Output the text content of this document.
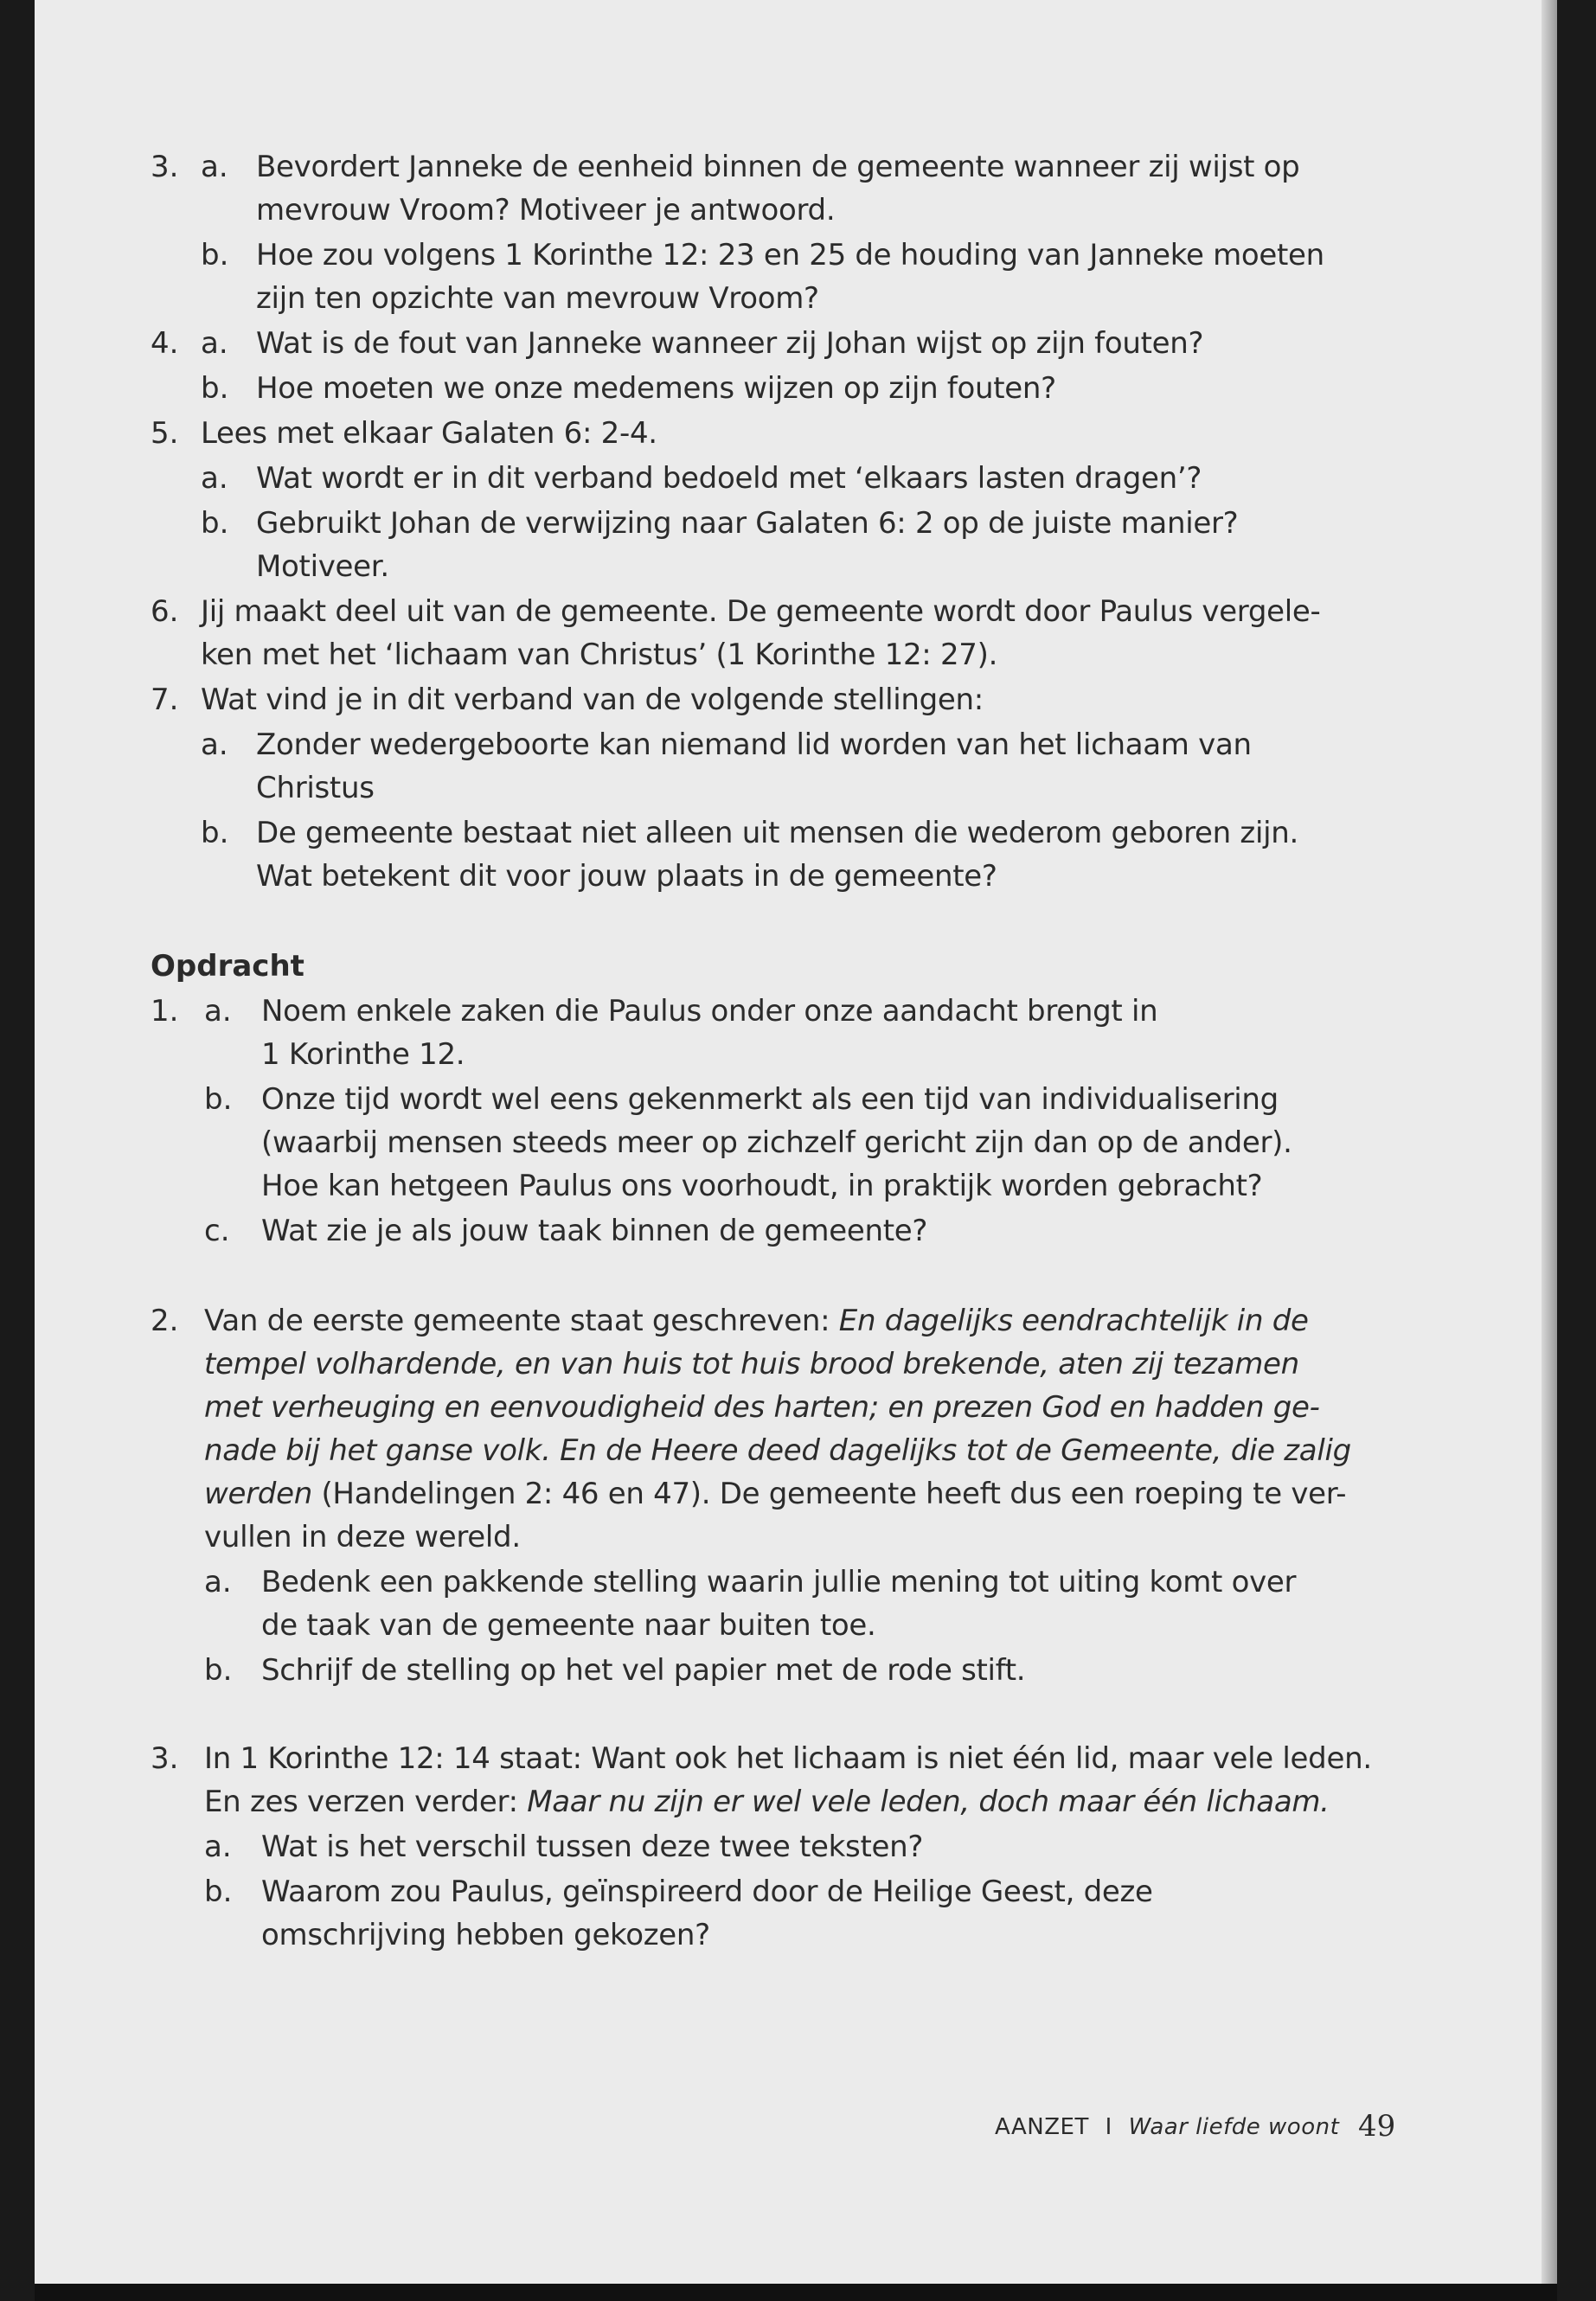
3. a. Bevordert Janneke de eenheid binnen de gemeente wanneer zij wijst op
mevrouw Vroom? Motiveer je antwoord.
b. Hoe zou volgens 1 Korinthe 12: 23 en 25 de houding van Janneke moeten
zijn ten opzichte van mevrouw Vroom?
4. a. Wat is de fout van Janneke wanneer zij Johan wijst op zijn fouten?
b. Hoe moeten we onze medemens wijzen op zijn fouten?
5. Lees met elkaar Galaten 6: 2-4.
a. Wat wordt er in dit verband bedoeld met ‘elkaars lasten dragen’?
b. Gebruikt Johan de verwijzing naar Galaten 6: 2 op de juiste manier?
Motiveer.
6. Jij maakt deel uit van de gemeente. De gemeente wordt door Paulus vergele-
ken met het ‘lichaam van Christus’ (1 Korinthe 12: 27).
7. Wat vind je in dit verband van de volgende stellingen:
a. Zonder wedergeboorte kan niemand lid worden van het lichaam van
Christus
b. De gemeente bestaat niet alleen uit mensen die wederom geboren zijn.
Wat betekent dit voor jouw plaats in de gemeente?
Opdracht
1. a. Noem enkele zaken die Paulus onder onze aandacht brengt in
1 Korinthe 12.
b. Onze tijd wordt wel eens gekenmerkt als een tijd van individualisering
(waarbij mensen steeds meer op zichzelf gericht zijn dan op de ander).
Hoe kan hetgeen Paulus ons voorhoudt, in praktijk worden gebracht?
c. Wat zie je als jouw taak binnen de gemeente?
2. Van de eerste gemeente staat geschreven: En dagelijks eendrachtelijk in de
tempel volhardende, en van huis tot huis brood brekende, aten zij tezamen
met verheuging en eenvoudigheid des harten; en prezen God en hadden ge-
nade bij het ganse volk. En de Heere deed dagelijks tot de Gemeente, die zalig
werden (Handelingen 2: 46 en 47). De gemeente heeft dus een roeping te ver-
vullen in deze wereld.
a. Bedenk een pakkende stelling waarin jullie mening tot uiting komt over
de taak van de gemeente naar buiten toe.
b. Schrijf de stelling op het vel papier met de rode stift.
3. In 1 Korinthe 12: 14 staat: Want ook het lichaam is niet één lid, maar vele leden.
En zes verzen verder: Maar nu zijn er wel vele leden, doch maar één lichaam.
a. Wat is het verschil tussen deze twee teksten?
b. Waarom zou Paulus, geïnspireerd door de Heilige Geest, deze
omschrijving hebben gekozen?
AANZET I Waar liefde woont 49
